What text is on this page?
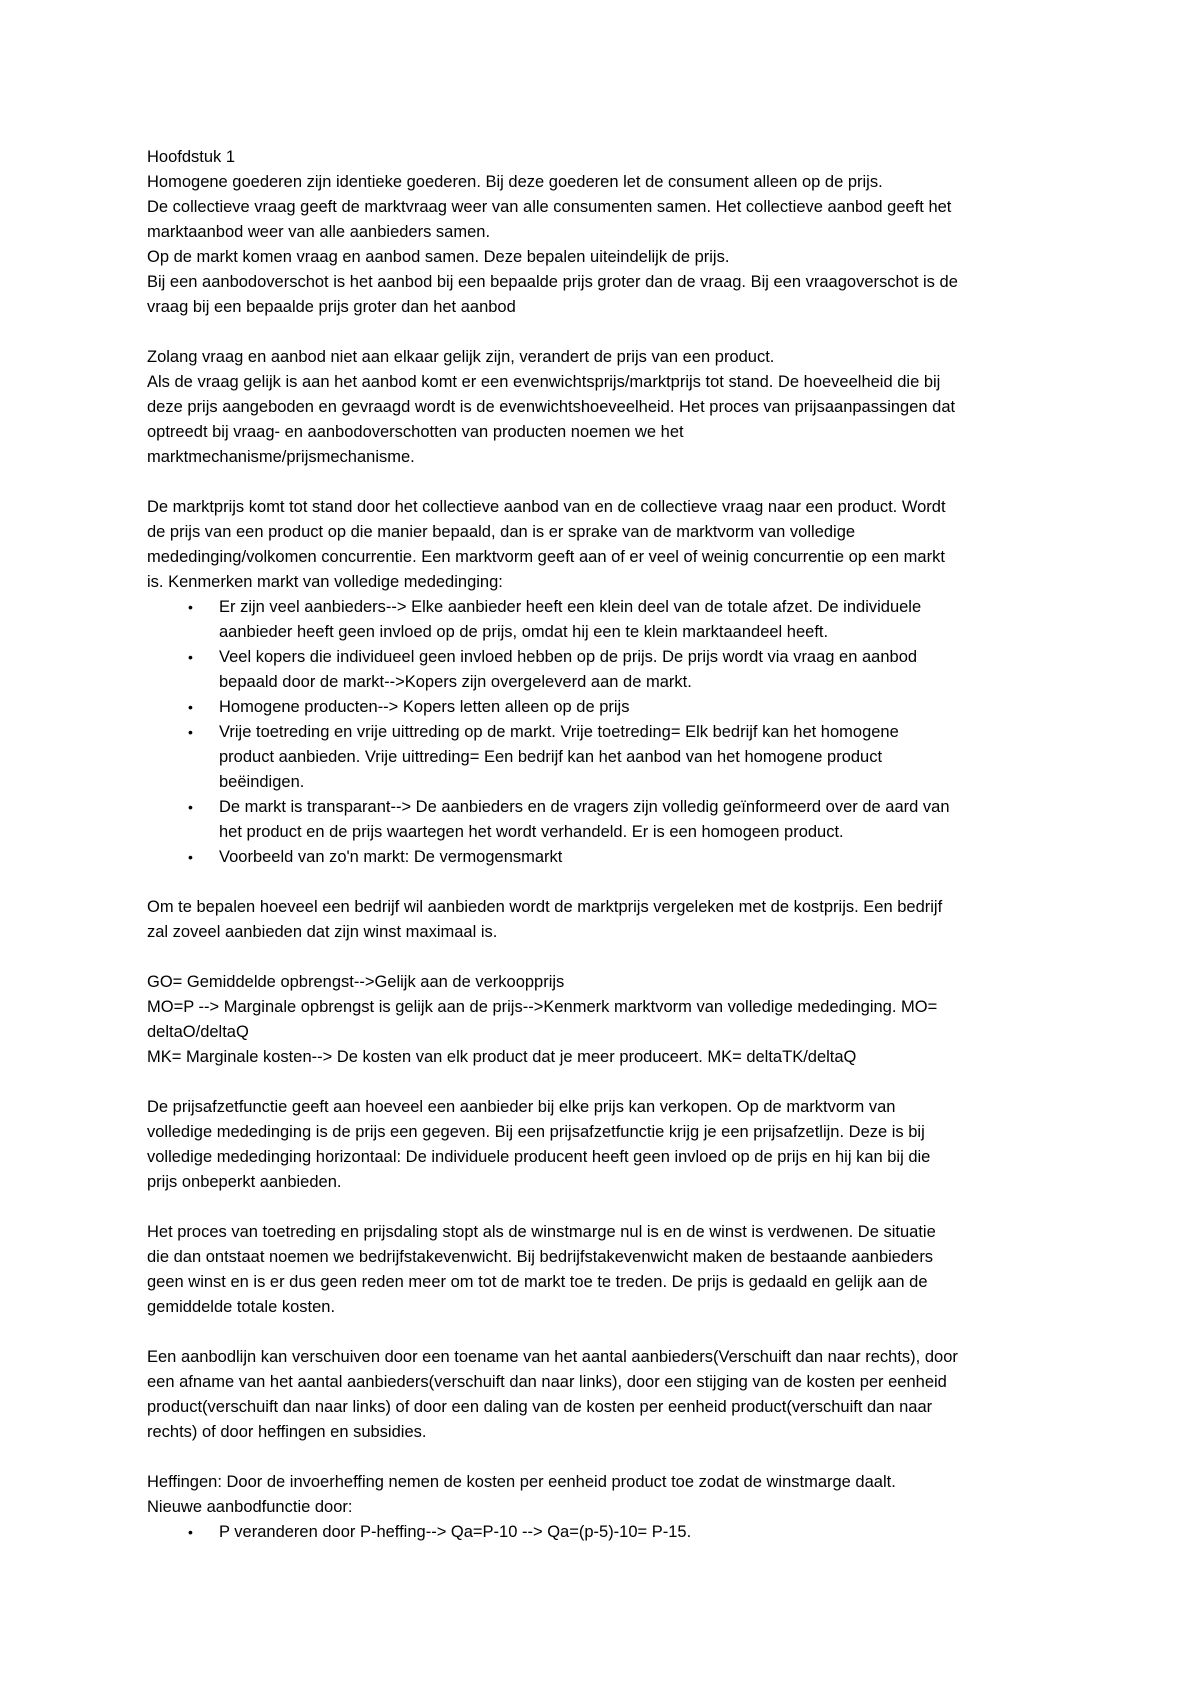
Hoofdstuk 1

Homogene goederen zijn identieke goederen. Bij deze goederen let de consument alleen op de prijs.
De collectieve vraag geeft de marktvraag weer van alle consumenten samen. Het collectieve aanbod geeft het
marktaanbod weer van alle aanbieders samen.
Op de markt komen vraag en aanbod samen. Deze bepalen uiteindelijk de prijs.
Bij een aanbodoverschot is het aanbod bij een bepaalde prijs groter dan de vraag. Bij een vraagoverschot is de
vraag bij een bepaalde prijs groter dan het aanbod

Zolang vraag en aanbod niet aan elkaar gelijk zijn, verandert de prijs van een product.
Als de vraag gelijk is aan het aanbod komt er een evenwichtsprijs/marktprijs tot stand. De hoeveelheid die bij
deze prijs aangeboden en gevraagd wordt is de evenwichtshoeveelheid. Het proces van prijsaanpassingen dat
optreedt bij vraag- en aanbodoverschotten van producten noemen we het
marktmechanisme/prijsmechanisme.

De marktprijs komt tot stand door het collectieve aanbod van en de collectieve vraag naar een product. Wordt
de prijs van een product op die manier bepaald, dan is er sprake van de marktvorm van volledige
mededinging/volkomen concurrentie. Een marktvorm geeft aan of er veel of weinig concurrentie op een markt
is. Kenmerken markt van volledige mededinging:

• Er zijn veel aanbieders--> Elke aanbieder heeft een klein deel van de totale afzet. De individuele
aanbieder heeft geen invloed op de prijs, omdat hij een te klein marktaandeel heeft.
• Veel kopers die individueel geen invloed hebben op de prijs. De prijs wordt via vraag en aanbod
bepaald door de markt-->Kopers zijn overgeleverd aan de markt.
• Homogene producten--> Kopers letten alleen op de prijs
• Vrije toetreding en vrije uittreding op de markt. Vrije toetreding= Elk bedrijf kan het homogene
product aanbieden. Vrije uittreding= Een bedrijf kan het aanbod van het homogene product
beëindigen.
• De markt is transparant--> De aanbieders en de vragers zijn volledig geïnformeerd over de aard van
het product en de prijs waartegen het wordt verhandeld. Er is een homogeen product.
• Voorbeeld van zo'n markt: De vermogensmarkt

Om te bepalen hoeveel een bedrijf wil aanbieden wordt de marktprijs vergeleken met de kostprijs. Een bedrijf
zal zoveel aanbieden dat zijn winst maximaal is.

GO= Gemiddelde opbrengst-->Gelijk aan de verkoopprijs
MO=P --> Marginale opbrengst is gelijk aan de prijs-->Kenmerk marktvorm van volledige mededinging. MO=
deltaO/deltaQ
MK= Marginale kosten--> De kosten van elk product dat je meer produceert. MK= deltaTK/deltaQ

De prijsafzetfunctie geeft aan hoeveel een aanbieder bij elke prijs kan verkopen. Op de marktvorm van
volledige mededinging is de prijs een gegeven. Bij een prijsafzetfunctie krijg je een prijsafzetlijn. Deze is bij
volledige mededinging horizontaal: De individuele producent heeft geen invloed op de prijs en hij kan bij die
prijs onbeperkt aanbieden.

Het proces van toetreding en prijsdaling stopt als de winstmarge nul is en de winst is verdwenen. De situatie
die dan ontstaat noemen we bedrijfstakevenwicht. Bij bedrijfstakevenwicht maken de bestaande aanbieders
geen winst en is er dus geen reden meer om tot de markt toe te treden. De prijs is gedaald en gelijk aan de
gemiddelde totale kosten.

Een aanbodlijn kan verschuiven door een toename van het aantal aanbieders(Verschuift dan naar rechts), door
een afname van het aantal aanbieders(verschuift dan naar links), door een stijging van de kosten per eenheid
product(verschuift dan naar links) of door een daling van de kosten per eenheid product(verschuift dan naar
rechts) of door heffingen en subsidies.

Heffingen: Door de invoerheffing nemen de kosten per eenheid product toe zodat de winstmarge daalt.
Nieuwe aanbodfunctie door:

• P veranderen door P-heffing--> Qa=P-10 --> Qa=(p-5)-10= P-15.
